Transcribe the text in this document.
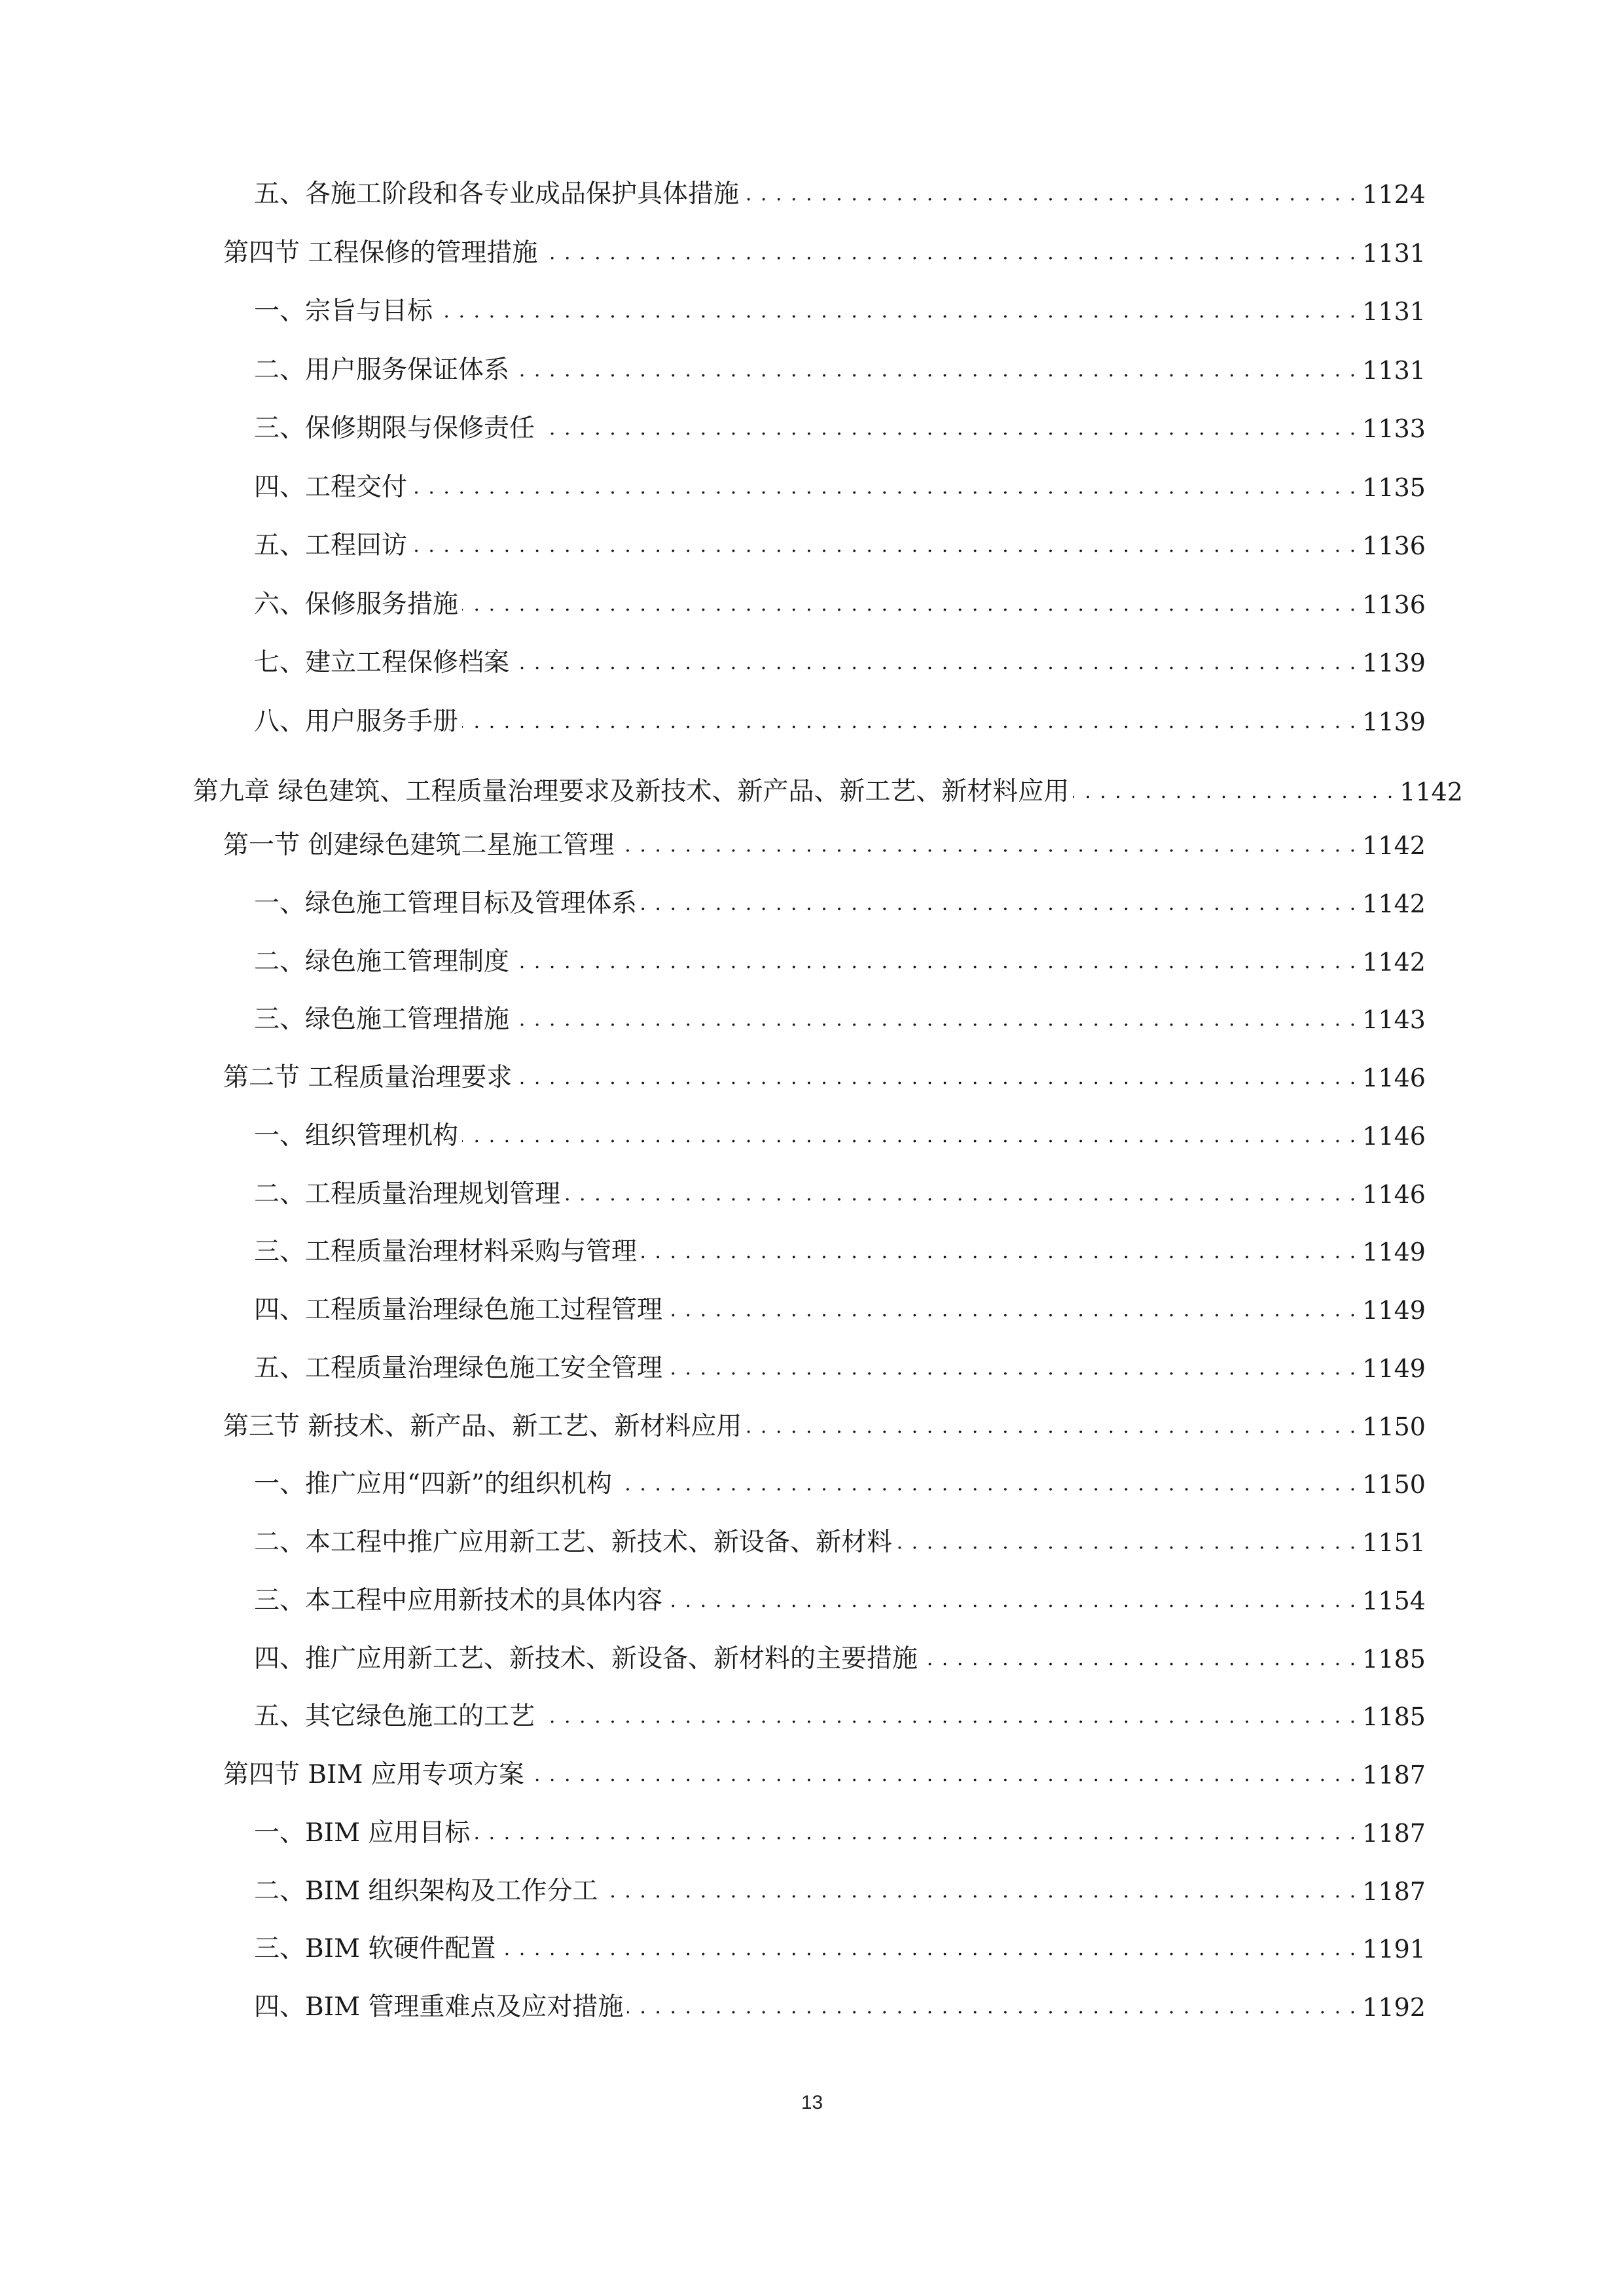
五、各施工阶段和各专业成品保护具体措施 . . .	1124
第四节 工程保修的管理措施 . . .	1131
一、宗旨与目标 . . .	1131
二、用户服务保证体系 . . .	1131
三、保修期限与保修责任 . . .	1133
四、工程交付 . . .	1135
五、工程回访 . . .	1136
六、保修服务措施 . . .	1136
七、建立工程保修档案 . . .	1139
八、用户服务手册 . . .	1139
第九章 绿色建筑、工程质量治理要求及新技术、新产品、新工艺、新材料应用 . . .	1142
第一节 创建绿色建筑二星施工管理 . . .	1142
一、绿色施工管理目标及管理体系 . . .	1142
二、绿色施工管理制度 . . .	1142
三、绿色施工管理措施 . . .	1143
第二节 工程质量治理要求 . . .	1146
一、组织管理机构 . . .	1146
二、工程质量治理规划管理 . . .	1146
三、工程质量治理材料采购与管理 . . .	1149
四、工程质量治理绿色施工过程管理 . . .	1149
五、工程质量治理绿色施工安全管理 . . .	1149
第三节 新技术、新产品、新工艺、新材料应用 . . .	1150
一、推广应用“四新”的组织机构 . . .	1150
二、本工程中推广应用新工艺、新技术、新设备、新材料 . . .	1151
三、本工程中应用新技术的具体内容 . . .	1154
四、推广应用新工艺、新技术、新设备、新材料的主要措施 . . .	1185
五、其它绿色施工的工艺 . . .	1185
第四节 BIM 应用专项方案 . . .	1187
一、BIM 应用目标 . . .	1187
二、BIM 组织架构及工作分工 . . .	1187
三、BIM 软硬件配置 . . .	1191
四、BIM 管理重难点及应对措施 . . .	1192
13
